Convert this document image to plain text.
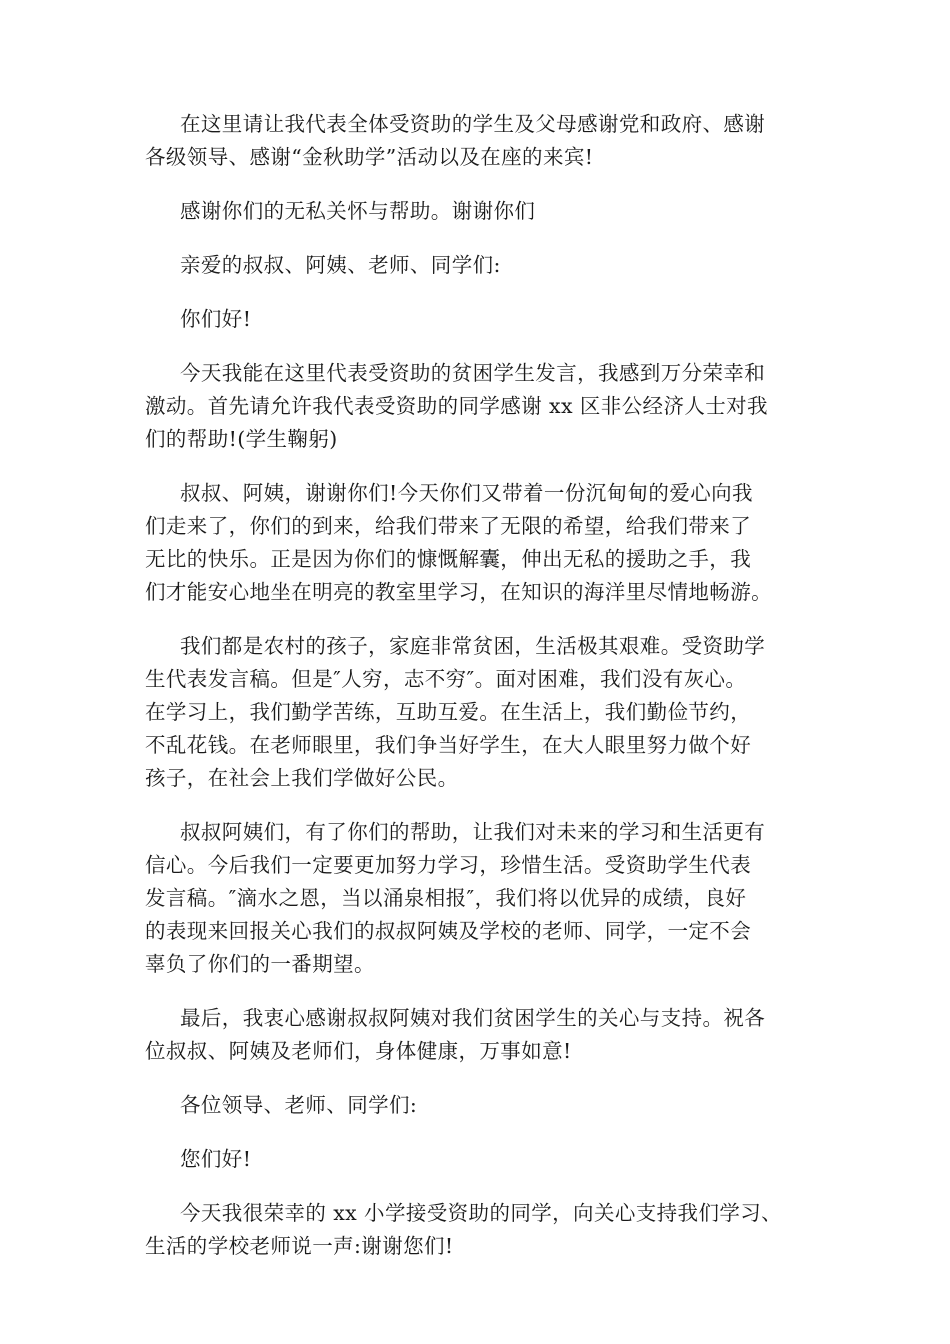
在这里请让我代表全体受资助的学生及父母感谢党和政府、感谢
各级领导、感谢“金秋助学”活动以及在座的来宾!

感谢你们的无私关怀与帮助。谢谢你们

亲爱的叔叔、阿姨、老师、同学们:

你们好!

今天我能在这里代表受资助的贫困学生发言，我感到万分荣幸和
激动。首先请允许我代表受资助的同学感谢 xx 区非公经济人士对我
们的帮助!(学生鞠躬)

叔叔、阿姨，谢谢你们!今天你们又带着一份沉甸甸的爱心向我
们走来了，你们的到来，给我们带来了无限的希望，给我们带来了
无比的快乐。正是因为你们的慷慨解囊，伸出无私的援助之手，我
们才能安心地坐在明亮的教室里学习，在知识的海洋里尽情地畅游。

我们都是农村的孩子，家庭非常贫困，生活极其艰难。受资助学
生代表发言稿。但是″人穷，志不穷″。面对困难，我们没有灰心。
在学习上，我们勤学苦练，互助互爱。在生活上，我们勤俭节约，
不乱花钱。在老师眼里，我们争当好学生，在大人眼里努力做个好
孩子，在社会上我们学做好公民。

叔叔阿姨们，有了你们的帮助，让我们对未来的学习和生活更有
信心。今后我们一定要更加努力学习，珍惜生活。受资助学生代表
发言稿。″滴水之恩，当以涌泉相报″，我们将以优异的成绩，良好
的表现来回报关心我们的叔叔阿姨及学校的老师、同学，一定不会
辜负了你们的一番期望。

最后，我衷心感谢叔叔阿姨对我们贫困学生的关心与支持。祝各
位叔叔、阿姨及老师们，身体健康，万事如意!

各位领导、老师、同学们:

您们好!

今天我很荣幸的 xx 小学接受资助的同学，向关心支持我们学习、
生活的学校老师说一声:谢谢您们!
